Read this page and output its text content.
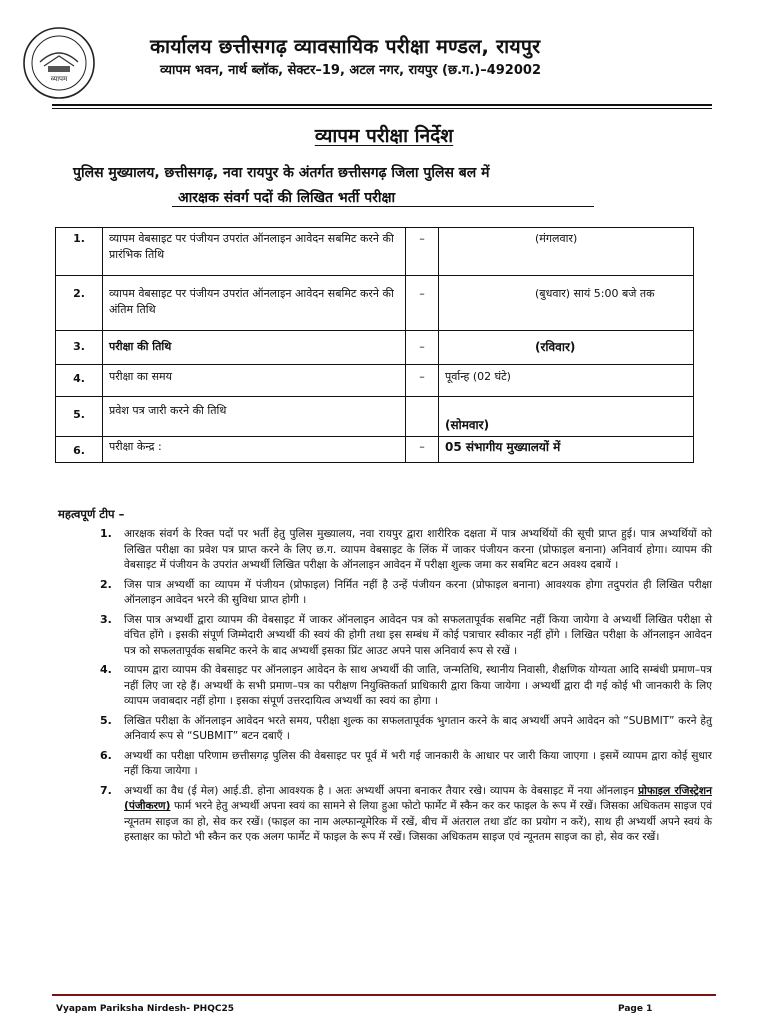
व्यापम
कार्यालय छत्तीसगढ़ व्यावसायिक परीक्षा मण्डल, रायपुर
व्यापम भवन, नार्थ ब्लॉक, सेक्टर–19, अटल नगर, रायपुर (छ.ग.)–492002
व्यापम परीक्षा निर्देश
पुलिस मुख्यालय, छत्तीसगढ़, नवा रायपुर के अंतर्गत छत्तीसगढ़ जिला पुलिस बल में
आरक्षक संवर्ग पदों की लिखित भर्ती परीक्षा
1.	व्यापम वेबसाइट पर पंजीयन उपरांत ऑनलाइन आवेदन सबमिट करने की प्रारंभिक तिथि	–	(मंगलवार)
2.	व्यापम वेबसाइट पर पंजीयन उपरांत ऑनलाइन आवेदन सबमिट करने की अंतिम तिथि	–	(बुधवार) सायं 5:00 बजे तक
3.	परीक्षा की तिथि	–	(रविवार)
4.	परीक्षा का समय	–	पूर्वान्ह (02 घंटे)
5.	प्रवेश पत्र जारी करने की तिथि		(सोमवार)
6.	परीक्षा केन्द्र :	–	05 संभागीय मुख्यालयों में
महत्वपूर्ण टीप –
1. आरक्षक संवर्ग के रिक्त पदों पर भर्ती हेतु पुलिस मुख्यालय, नवा रायपुर द्वारा शारीरिक दक्षता में पात्र अभ्यर्थियों की सूची प्राप्त हुई। पात्र अभ्यर्थियों को लिखित परीक्षा का प्रवेश पत्र प्राप्त करने के लिए छ.ग. व्यापम वेबसाइट के लिंक में जाकर पंजीयन करना (प्रोफाइल बनाना) अनिवार्य होगा। व्यापम की वेबसाइट में पंजीयन के उपरांत अभ्यर्थी लिखित परीक्षा के ऑनलाइन आवेदन में परीक्षा शुल्क जमा कर सबमिट बटन अवश्य दबायें ।
2. जिस पात्र अभ्यर्थी का व्यापम में पंजीयन (प्रोफाइल) निर्मित नहीं है उन्हें पंजीयन करना (प्रोफाइल बनाना) आवश्यक होगा तदुपरांत ही लिखित परीक्षा ऑनलाइन आवेदन भरने की सुविधा प्राप्त होगी ।
3. जिस पात्र अभ्यर्थी द्वारा व्यापम की वेबसाइट में जाकर ऑनलाइन आवेदन पत्र को सफलतापूर्वक सबमिट नहीं किया जायेगा वे अभ्यर्थी लिखित परीक्षा से वंचित होंगे । इसकी संपूर्ण जिम्मेदारी अभ्यर्थी की स्वयं की होगी तथा इस सम्बंध में कोई पत्राचार स्वीकार नहीं होंगे । लिखित परीक्षा के ऑनलाइन आवेदन पत्र को सफलतापूर्वक सबमिट करने के बाद अभ्यर्थी इसका प्रिंट आउट अपने पास अनिवार्य रूप से रखें ।
4. व्यापम द्वारा व्यापम की वेबसाइट पर ऑनलाइन आवेदन के साथ अभ्यर्थी की जाति, जन्मतिथि, स्थानीय निवासी, शैक्षणिक योग्यता आदि सम्बंधी प्रमाण–पत्र नहीं लिए जा रहे हैं। अभ्यर्थी के सभी प्रमाण–पत्र का परीक्षण नियुक्तिकर्ता प्राधिकारी द्वारा किया जायेगा । अभ्यर्थी द्वारा दी गई कोई भी जानकारी के लिए व्यापम जवाबदार नहीं होगा । इसका संपूर्ण उत्तरदायित्व अभ्यर्थी का स्वयं का होगा ।
5. लिखित परीक्षा के ऑनलाइन आवेदन भरते समय, परीक्षा शुल्क का सफलतापूर्वक भुगतान करने के बाद अभ्यर्थी अपने आवेदन को “SUBMIT” करने हेतु अनिवार्य रूप से “SUBMIT” बटन दबाएँ ।
6. अभ्यर्थी का परीक्षा परिणाम छत्तीसगढ़ पुलिस की वेबसाइट पर पूर्व में भरी गई जानकारी के आधार पर जारी किया जाएगा । इसमें व्यापम द्वारा कोई सुधार नहीं किया जायेगा ।
7. अभ्यर्थी का वैध (ई मेल) आई.डी. होना आवश्यक है । अतः अभ्यर्थी अपना बनाकर तैयार रखे। व्यापम के वेबसाइट में नया ऑनलाइन प्रोफाइल रजिस्ट्रेशन (पंजीकरण) फार्म भरने हेतु अभ्यर्थी अपना स्वयं का सामने से लिया हुआ फोटो फार्मेट में स्कैन कर कर फाइल के रूप में रखें। जिसका अधिकतम साइज एवं न्यूनतम साइज का हो, सेव कर रखें। (फाइल का नाम अल्फान्यूमेरिक में रखें, बीच में अंतराल तथा डॉट का प्रयोग न करें), साथ ही अभ्यर्थी अपने स्वयं के हस्ताक्षर का फोटो भी स्कैन कर एक अलग फार्मेट में फाइल के रूप में रखें। जिसका अधिकतम साइज एवं न्यूनतम साइज का हो, सेव कर रखें।
Vyapam Pariksha Nirdesh- PHQC25	Page 1
